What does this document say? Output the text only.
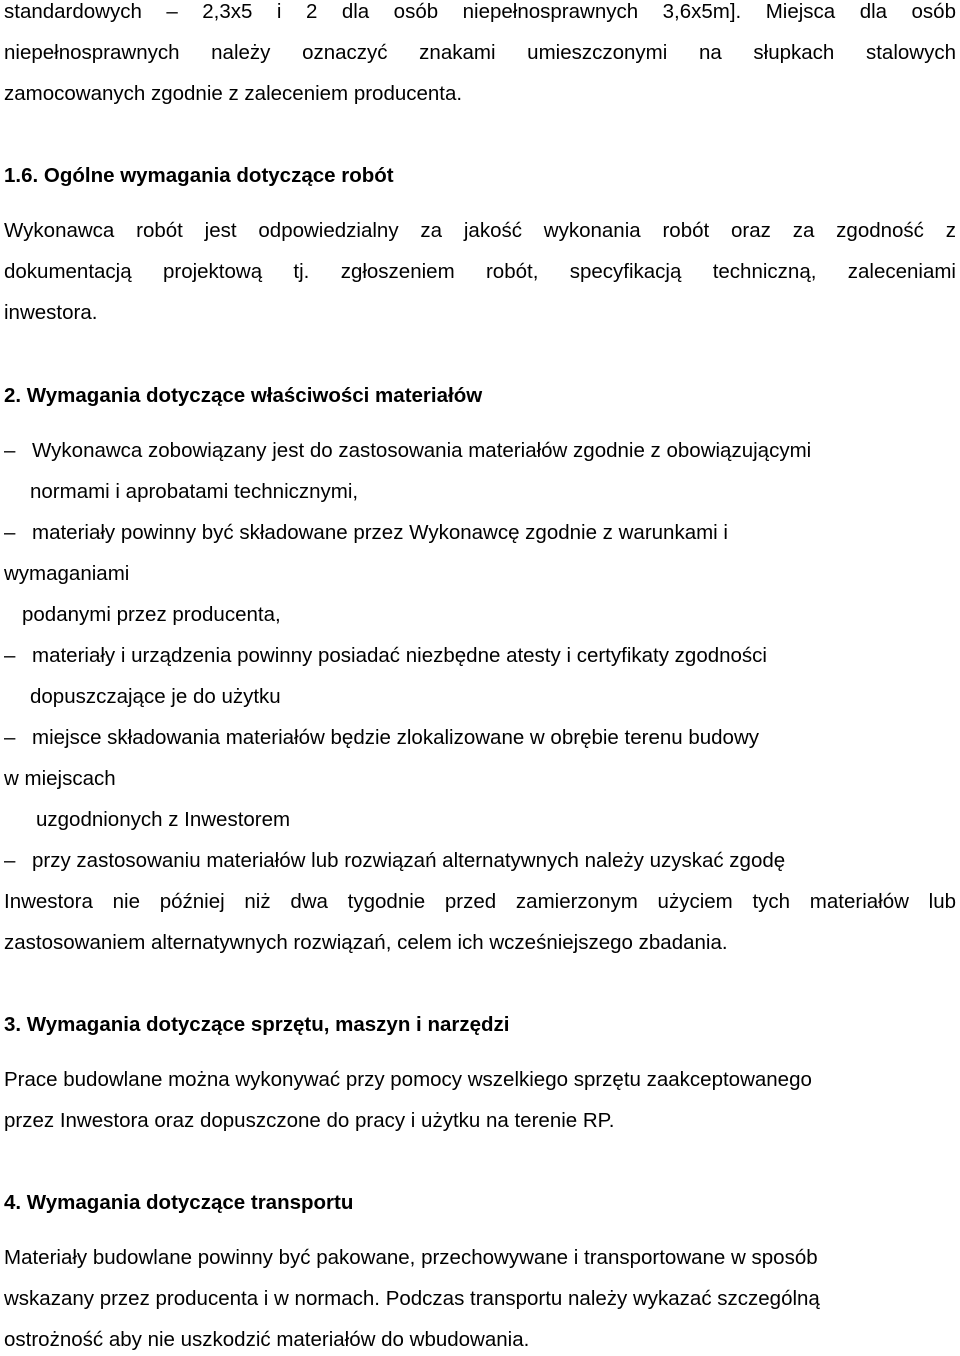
standardowych – 2,3x5 i 2 dla osób niepełnosprawnych 3,6x5m]. Miejsca dla osób
niepełnosprawnych należy oznaczyć znakami umieszczonymi na słupkach stalowych
zamocowanych zgodnie z zaleceniem producenta.
1.6. Ogólne wymagania dotyczące robót
Wykonawca robót jest odpowiedzialny za jakość wykonania robót oraz za zgodność z
dokumentacją projektową tj. zgłoszeniem robót, specyfikacją techniczną, zaleceniami
inwestora.
2. Wymagania dotyczące właściwości materiałów
– Wykonawca zobowiązany jest do zastosowania materiałów zgodnie z obowiązującymi
normami i aprobatami technicznymi,
– materiały powinny być składowane przez Wykonawcę zgodnie z warunkami i
wymaganiami
podanymi przez producenta,
– materiały i urządzenia powinny posiadać niezbędne atesty i certyfikaty zgodności
dopuszczające je do użytku
– miejsce składowania materiałów będzie zlokalizowane w obrębie terenu budowy
w miejscach
uzgodnionych z Inwestorem
– przy zastosowaniu materiałów lub rozwiązań alternatywnych należy uzyskać zgodę
Inwestora nie później niż dwa tygodnie przed zamierzonym użyciem tych materiałów lub
zastosowaniem alternatywnych rozwiązań, celem ich wcześniejszego zbadania.
3. Wymagania dotyczące sprzętu, maszyn i narzędzi
Prace budowlane można wykonywać przy pomocy wszelkiego sprzętu zaakceptowanego
przez Inwestora oraz dopuszczone do pracy i użytku na terenie RP.
4. Wymagania dotyczące transportu
Materiały budowlane powinny być pakowane, przechowywane i transportowane w sposób
wskazany przez producenta i w normach. Podczas transportu należy wykazać szczególną
ostrożność aby nie uszkodzić materiałów do wbudowania.
